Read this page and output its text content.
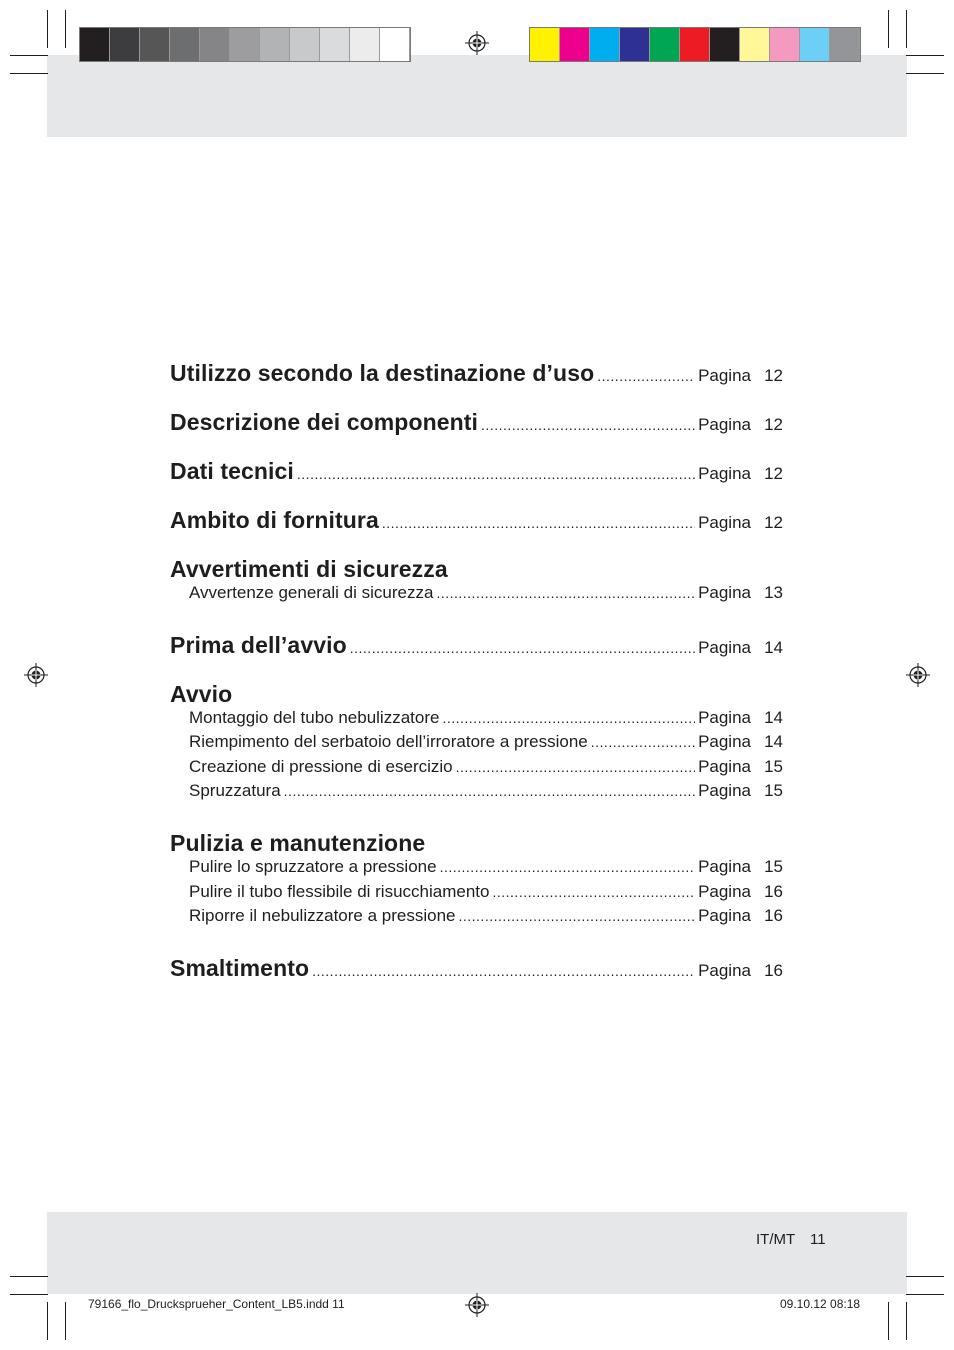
Utilizzo secondo la destinazione d’uso .....	Pagina 12
Descrizione dei componenti .....	Pagina 12
Dati tecnici .....	Pagina 12
Ambito di fornitura .....	Pagina 12
Avvertimenti di sicurezza
Avvertenze generali di sicurezza .....	Pagina 13
Prima dell’avvio .....	Pagina 14
Avvio
Montaggio del tubo nebulizzatore .....	Pagina 14
Riempimento del serbatoio dell’irroratore a pressione .....	Pagina 14
Creazione di pressione di esercizio .....	Pagina 15
Spruzzatura .....	Pagina 15
Pulizia e manutenzione
Pulire lo spruzzatore a pressione .....	Pagina 15
Pulire il tubo flessibile di risucchiamento .....	Pagina 16
Riporre il nebulizzatore a pressione .....	Pagina 16
Smaltimento .....	Pagina 16
IT/MT 11
79166_flo_Druckspruеher_Content_LB5.indd 11	09.10.12 08:18
